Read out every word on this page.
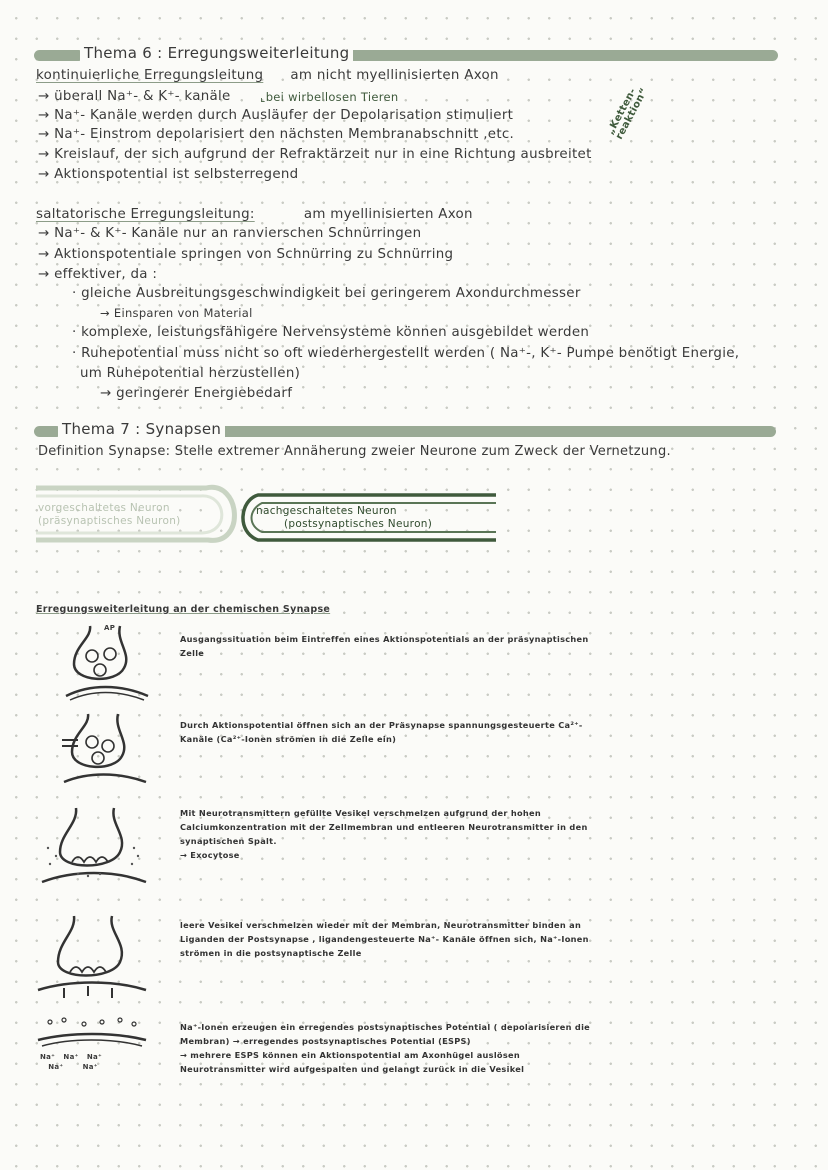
Thema 6 : Erregungsweiterleitung
kontinuierliche Erregungsleitung am nicht myellinisierten Axon
→ überall Na⁺- & K⁺- kanäle	⌞bei wirbellosen Tieren
→ Na⁺- Kanäle werden durch Ausläufer der Depolarisation stimuliert
→ Na⁺- Einstrom depolarisiert den nächsten Membranabschnitt ,etc.
→ Kreislauf, der sich aufgrund der Refraktärzeit nur in eine Richtung ausbreitet
→ Aktionspotential ist selbsterregend
„Ketten-
reaktion“
saltatorische Erregungsleitung:	am myellinisierten Axon
→ Na⁺- & K⁺- Kanäle nur an ranvierschen Schnürringen
→ Aktionspotentiale springen von Schnürring zu Schnürring
→ effektiver, da :
· gleiche Ausbreitungsgeschwindigkeit bei geringerem Axondurchmesser
→ Einsparen von Material
· komplexe, leistungsfähigere Nervensysteme können ausgebildet werden
· Ruhepotential muss nicht so oft wiederhergestellt werden ( Na⁺-, K⁺- Pumpe benötigt Energie,
um Ruhepotential herzustellen)
→ geringerer Energiebedarf
Thema 7 : Synapsen
Definition Synapse: Stelle extremer Annäherung zweier Neurone zum Zweck der Vernetzung.
vorgeschaltetes Neuron
(präsynaptisches Neuron)
nachgeschaltetes Neuron
(postsynaptisches Neuron)
Erregungsweiterleitung an der chemischen Synapse
AP
Ausgangssituation beim Eintreffen eines Aktionspotentials an der präsynaptischen Zelle
Durch Aktionspotential öffnen sich an der Präsynapse spannungsgesteuerte Ca²⁺-Kanäle (Ca²⁺-Ionen strömen in die Zelle ein)
Mit Neurotransmittern gefüllte Vesikel verschmelzen aufgrund der hohen Calciumkonzentration mit der Zellmembran und entleeren Neurotransmitter in den synaptischen Spalt.
→ Exocytose
leere Vesikel verschmelzen wieder mit der Membran, Neurotransmitter binden an Liganden der Postsynapse , ligandengesteuerte Na⁺- Kanäle öffnen sich, Na⁺-Ionen strömen in die postsynaptische Zelle
Na⁺ Na⁺ Na⁺
Na⁺	Na⁺
Na⁺-Ionen erzeugen ein erregendes postsynaptisches Potential ( depolarisieren die Membran) → erregendes postsynaptisches Potential (ESPS)
→ mehrere ESPS können ein Aktionspotential am Axonhügel auslösen
Neurotransmitter wird aufgespalten und gelangt zurück in die Vesikel
